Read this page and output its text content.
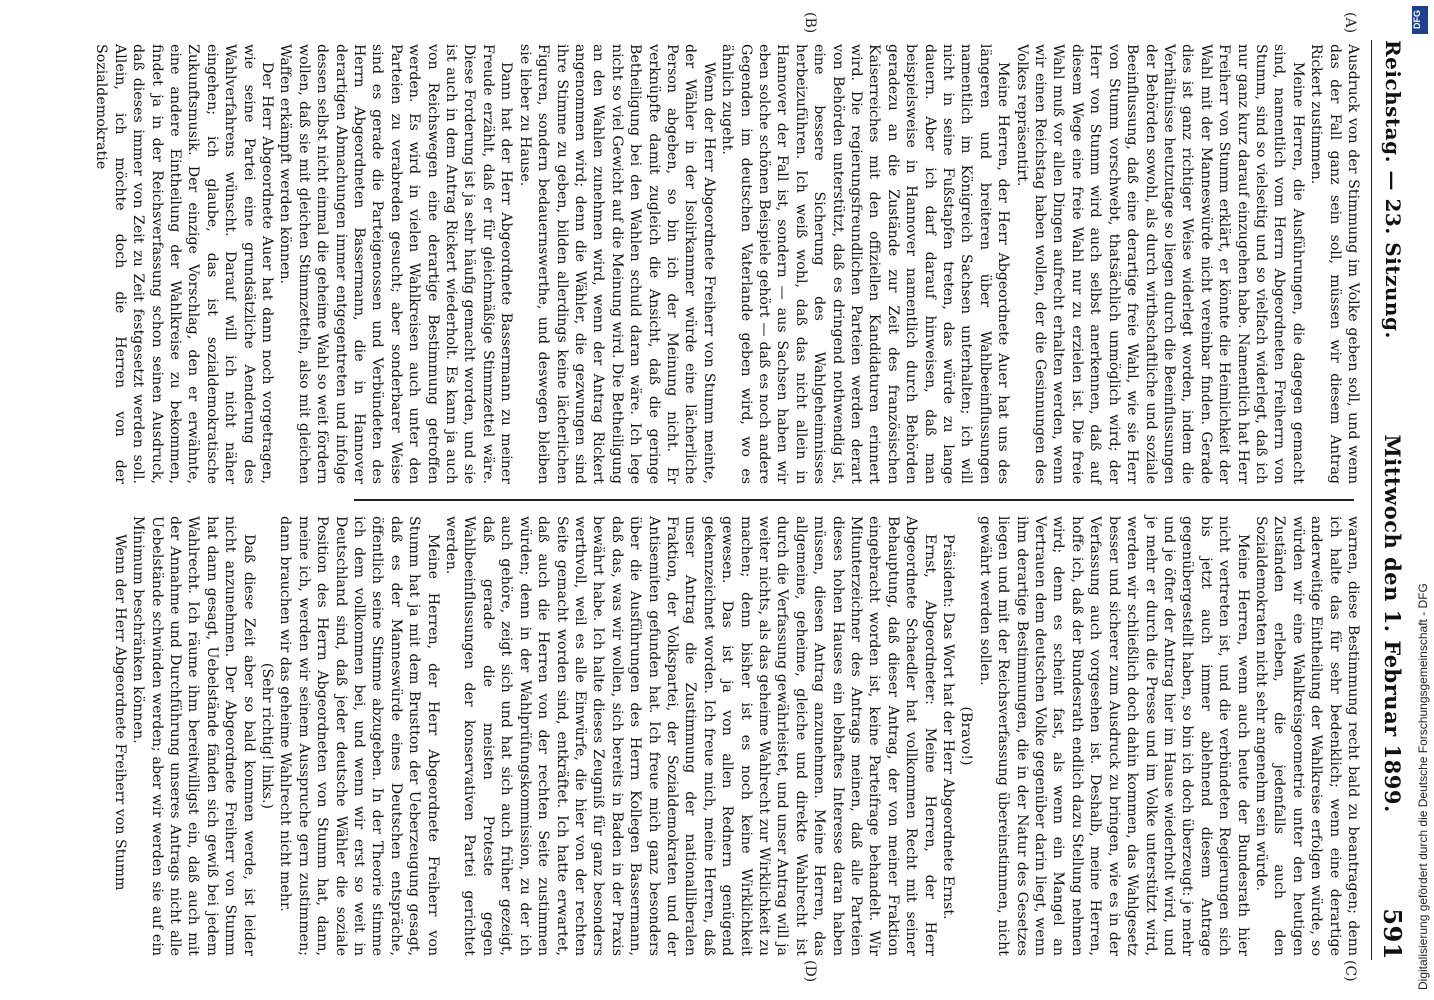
Reichstag. — 23. Sitzung.
Mittwoch den 1. Februar 1899.
591
(A)
(B)
(C)
(D)

Ausdruck von der Stimmung im Volke geben soll, und wenn das der Fall ganz sein soll, müssen wir diesem Antrag Rickert zustimmen.

Meine Herren, die Ausführungen, die dagegen gemacht sind, namentlich vom Herrn Abgeordneten Freiherrn von Stumm, sind so vielseitig und so vielfach widerlegt, daß ich nur ganz kurz darauf einzugehen habe. Namentlich hat Herr Freiherr von Stumm erklärt, er könnte die Heimlichkeit der Wahl mit der Manneswürde nicht vereinbar finden. Gerade dies ist ganz richtiger Weise widerlegt worden, indem die Verhältnisse heutzutage so liegen durch die Beeinflussungen der Behörden sowohl, als durch wirthschaftliche und soziale Beeinflussung, daß eine derartige freie Wahl, wie sie Herr von Stumm vorschwebt, thatsächlich unmöglich wird; der Herr von Stumm wird auch selbst anerkennen, daß auf diesem Wege eine freie Wahl nur zu erzielen ist. Die freie Wahl muß vor allen Dingen aufrecht erhalten werden, wenn wir einen Reichstag haben wollen, der die Gesinnungen des Volkes repräsentirt.

Meine Herren, der Herr Abgeordnete Auer hat uns des längeren und breiteren über Wahlbeeinflussungen namentlich im Königreich Sachsen unterhalten; ich will nicht in seine Fußstapfen treten, das würde zu lange dauern. Aber ich darf darauf hinweisen, daß man beispielsweise in Hannover namentlich durch Behörden geradezu an die Zustände zur Zeit des französischen Kaiserreiches mit den offiziellen Kandidaturen erinnert wird. Die regierungsfreundlichen Parteien werden derart von Behörden unterstützt, daß es dringend nothwendig ist, eine bessere Sicherung des Wahlgeheimnisses herbeizuführen. Ich weiß wohl, daß das nicht allein in Hannover der Fall ist, sondern — aus Sachsen haben wir eben solche schönen Beispiele gehört — daß es noch andere Gegenden im deutschen Vaterlande geben wird, wo es ähnlich zugeht.

Wenn der Herr Abgeordnete Freiherr von Stumm meinte, der Wähler in der Isolirkammer würde eine lächerliche Person abgeben, so bin ich der Meinung nicht. Er verknüpfte damit zugleich die Ansicht, daß die geringe Betheiligung bei den Wahlen schuld daran wäre. Ich lege nicht so viel Gewicht auf die Meinung wird. Die Betheiligung an den Wahlen zunehmen wird, wenn der Antrag Rickert angenommen wird; denn die Wähler, die gezwungen sind ihre Stimme zu geben, bilden allerdings keine lächerlichen Figuren, sondern bedauernswerthe, und deswegen bleiben sie lieber zu Hause.

Dann hat der Herr Abgeordnete Bassermann zu meiner Freude erzählt, daß er für gleichmäßige Stimmzettel wäre. Diese Forderung ist ja sehr häufig gemacht worden, und sie ist auch in dem Antrag Rickert wiederholt. Es kann ja auch von Reichswegen eine derartige Bestimmung getroffen werden. Es wird in vielen Wahlkreisen auch unter den Parteien zu verabreden gesucht; aber sonderbarer Weise sind es gerade die Parteigenossen und Verbündeten des Herrn Abgeordneten Bassermann, die in Hannover derartigen Abmachungen immer entgegentreten und infolge dessen selbst nicht einmal die geheime Wahl so weit fördern wollen, daß sie mit gleichen Stimmzetteln, also mit gleichen Waffen erkämpft werden können.

Der Herr Abgeordnete Auer hat dann noch vorgetragen, wie seine Partei eine grundsätzliche Aenderung des Wahlverfahrens wünscht. Darauf will ich nicht näher eingehen; ich glaube, das ist sozialdemokratische Zukunftsmusik. Der einzige Vorschlag, den er erwähnte, eine andere Eintheilung der Wahlkreise zu bekommen, findet ja in der Reichsverfassung schon seinen Ausdruck, daß dieses immer von Zeit zu Zeit festgesetzt werden soll. Allein, ich möchte doch die Herren von der Sozialdemokratie

warnen, diese Bestimmung recht bald zu beantragen; denn ich halte das für sehr bedenklich; wenn eine derartige anderweitige Eintheilung der Wahlkreise erfolgen würde, so würden wir eine Wahlkreisgeometrie unter den heutigen Zuständen erleben, die jedenfalls auch den Sozialdemokraten nicht sehr angenehm sein würde.

Meine Herren, wenn auch heute der Bundesrath hier nicht vertreten ist, und die verbündeten Regierungen sich bis jetzt auch immer ablehnend diesem Antrage gegenübergestellt haben, so bin ich doch überzeugt: je mehr und je öfter der Antrag hier im Hause wiederholt wird, und je mehr er durch die Presse und im Volke unterstützt wird, werden wir schließlich doch dahin kommen, das Wahlgesetz besser und sicherer zum Ausdruck zu bringen, wie es in der Verfassung auch vorgesehen ist. Deshalb, meine Herren, hoffe ich, daß der Bundesrath endlich dazu Stellung nehmen wird; denn es scheint fast, als wenn ein Mangel an Vertrauen dem deutschen Volke gegenüber darin liegt, wenn ihm derartige Bestimmungen, die in der Natur des Gesetzes liegen und mit der Reichsverfassung übereinstimmen, nicht gewährt werden sollen.

(Bravo!)

Präsident: Das Wort hat der Herr Abgeordnete Ernst.

Ernst, Abgeordneter: Meine Herren, der Herr Abgeordnete Schaedler hat vollkommen Recht mit seiner Behauptung, daß dieser Antrag, der von meiner Fraktion eingebracht worden ist, keine Parteifrage behandelt. Wir Mitunterzeichner des Antrags meinen, daß alle Parteien dieses hohen Hauses ein lebhaftes Interesse daran haben müssen, diesen Antrag anzunehmen. Meine Herren, das allgemeine, geheime, gleiche und direkte Wahlrecht ist durch die Verfassung gewährleistet, und unser Antrag will ja weiter nichts, als das geheime Wahlrecht zur Wirklichkeit zu machen; denn bisher ist es noch keine Wirklichkeit gewesen. Das ist ja von allen Rednern genügend gekennzeichnet worden. Ich freue mich, meine Herren, daß unser Antrag die Zustimmung der nationalliberalen Fraktion, der Volkspartei, der Sozialdemokraten und der Antisemiten gefunden hat. Ich freue mich ganz besonders über die Ausführungen des Herrn Kollegen Bassermann, daß das, was wir wollen, sich bereits in Baden in der Praxis bewährt habe. Ich halte dieses Zeugniß für ganz besonders werthvoll, weil es alle Einwürfe, die hier von der rechten Seite gemacht worden sind, entkräftet. Ich hatte erwartet, daß auch die Herren von der rechten Seite zustimmen würden; denn in der Wahlprüfungskommission, zu der ich auch gehöre, zeigt sich und hat sich auch früher gezeigt, daß gerade die meisten Proteste gegen Wahlbeeinflussungen der konservativen Partei gerichtet werden.

Meine Herren, der Herr Abgeordnete Freiherr von Stumm hat ja mit dem Brustton der Ueberzeugung gesagt, daß es der Manneswürde eines Deutschen entspräche, öffentlich seine Stimme abzugeben. In der Theorie stimme ich dem vollkommen bei, und wenn wir erst so weit in Deutschland sind, daß jeder deutsche Wähler die soziale Position des Herrn Abgeordneten von Stumm hat, dann, meine ich, werden wir seinem Ausspruche gern zustimmen; dann brauchen wir das geheime Wahlrecht nicht mehr.

(Sehr richtig! links.)

Daß diese Zeit aber so bald kommen werde, ist leider nicht anzunehmen. Der Abgeordnete Freiherr von Stumm hat dann gesagt, Uebelstände fänden sich gewiß bei jedem Wahlrecht. Ich räume ihm bereitwilligst ein, daß auch mit der Annahme und Durchführung unseres Antrags nicht alle Uebelstände schwinden werden; aber wir werden sie auf ein Minimum beschränken können.

Wenn der Herr Abgeordnete Freiherr von Stumm

DFG
Digitalisierung gefördert durch die Deutsche Forschungsgemeinschaft - DFG
